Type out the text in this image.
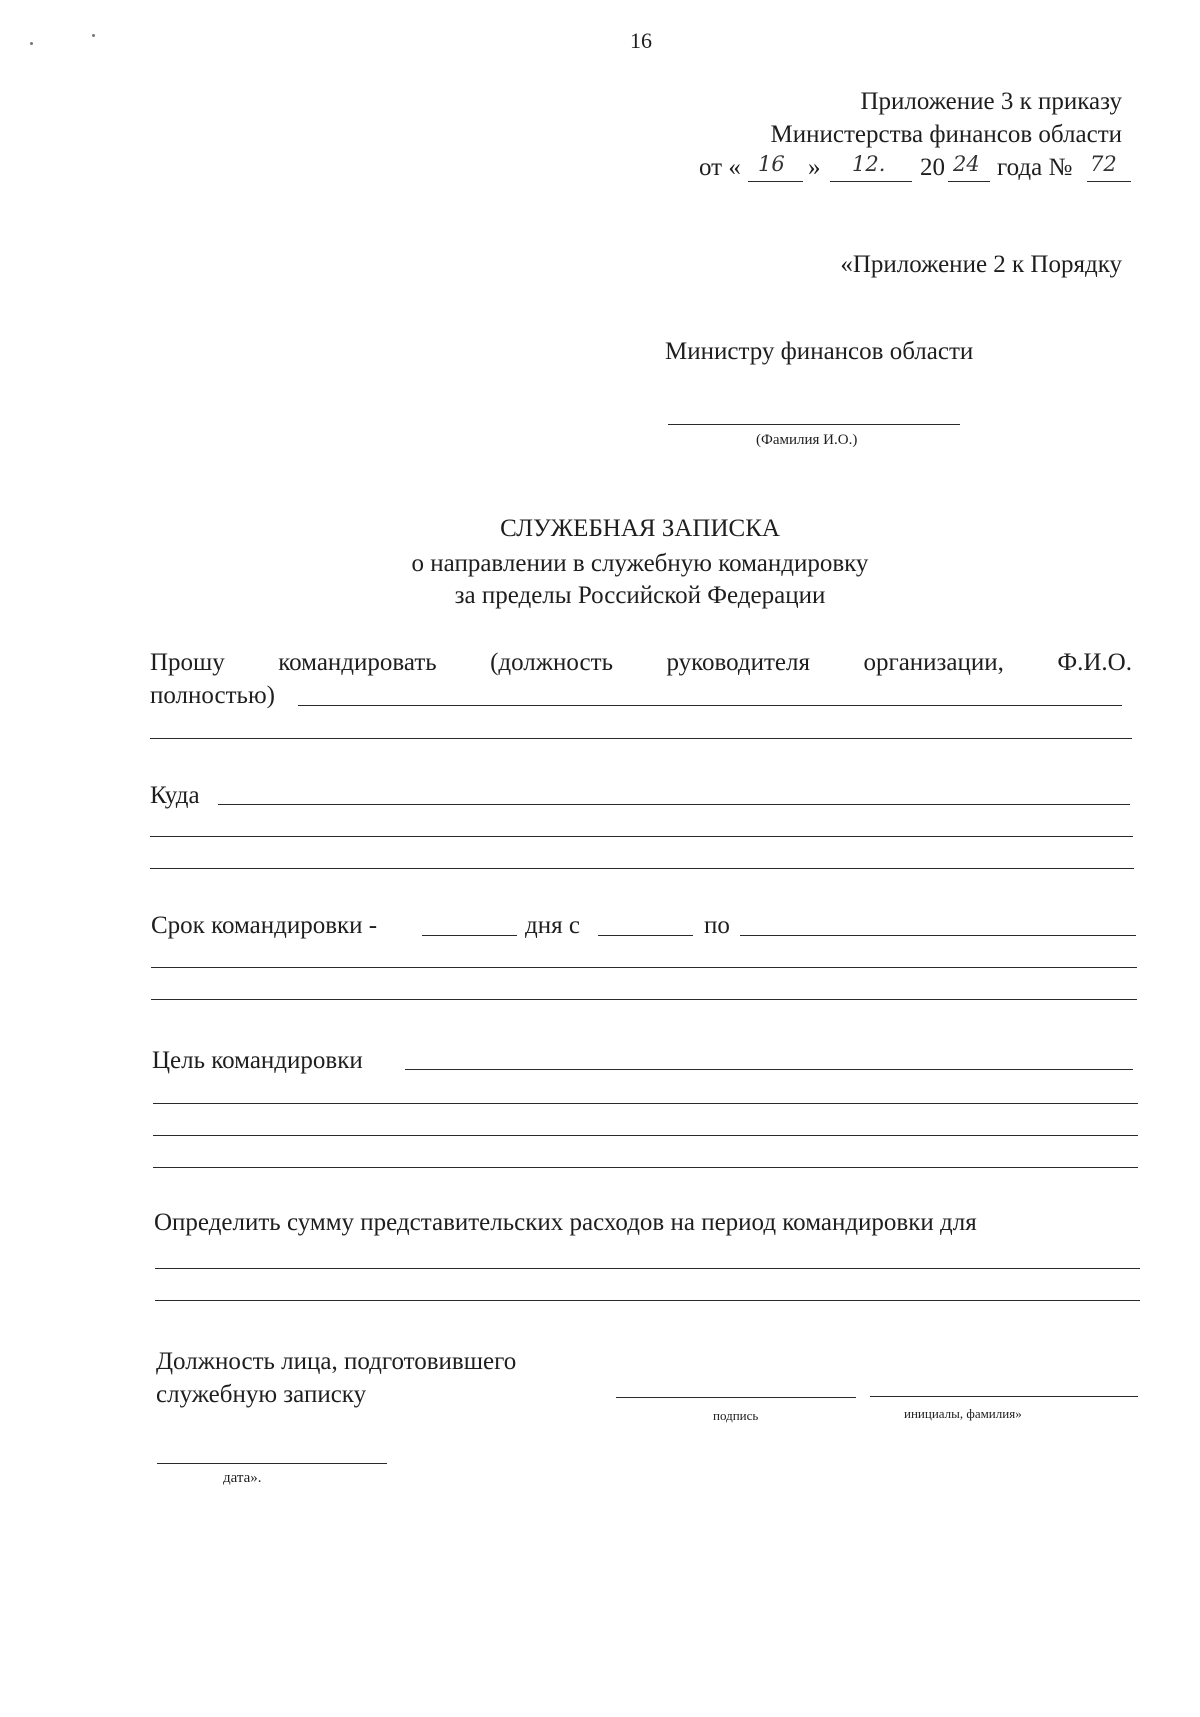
16
Приложение 3 к приказу
Министерства финансов области
от « 16 » 12. 20 24 года № 72
«Приложение 2 к Порядку
Министру финансов области
(Фамилия И.О.)
СЛУЖЕБНАЯ ЗАПИСКА
о направлении в служебную командировку
за пределы Российской Федерации
Прошу командировать (должность руководителя организации, Ф.И.О.
полностью)
Куда
Срок командировки -	дня с	по
Цель командировки
Определить сумму представительских расходов на период командировки для
Должность лица, подготовившего
служебную записку
подпись	инициалы, фамилия»
дата».
